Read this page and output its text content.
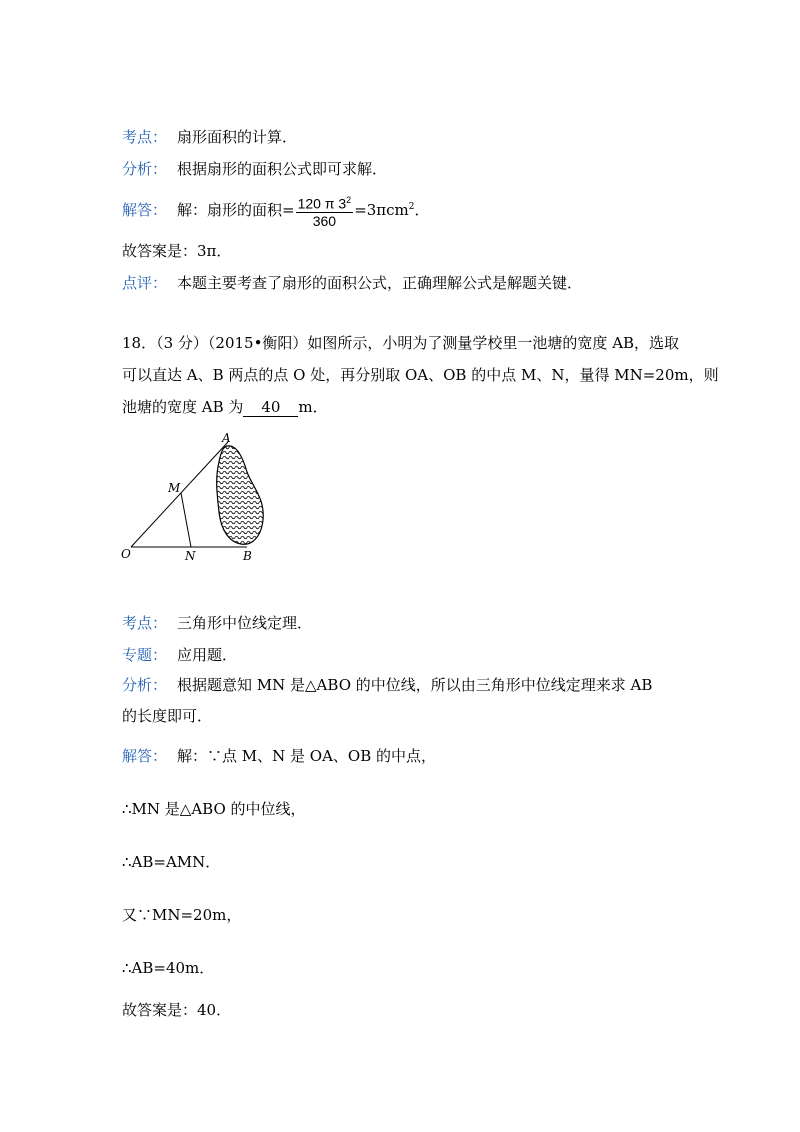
考点： 扇形面积的计算．
分析： 根据扇形的面积公式即可求解．
解答： 解：扇形的面积= $\frac{120 \pi 3^2}{360} =3\pi cm^2$．
故答案是：3π．
点评： 本题主要考查了扇形的面积公式，正确理解公式是解题关键．
18．（3 分）（2015•衡阳）如图所示，小明为了测量学校里一池塘的宽度 AB，选取
可以直达 A、B 两点的点 O 处，再分别取 OA、OB 的中点 M、N，量得 MN=20m，则
池塘的宽度 AB 为 40 m．
A
M
O	N	B
考点： 三角形中位线定理．
专题： 应用题．
分析： 根据题意知 MN 是△ABO 的中位线，所以由三角形中位线定理来求 AB
的长度即可．
解答： 解：∵点 M、N 是 OA、OB 的中点，
∴MN 是△ABO 的中位线，
∴AB=AMN．
又∵MN=20m，
∴AB=40m．
故答案是：40．
